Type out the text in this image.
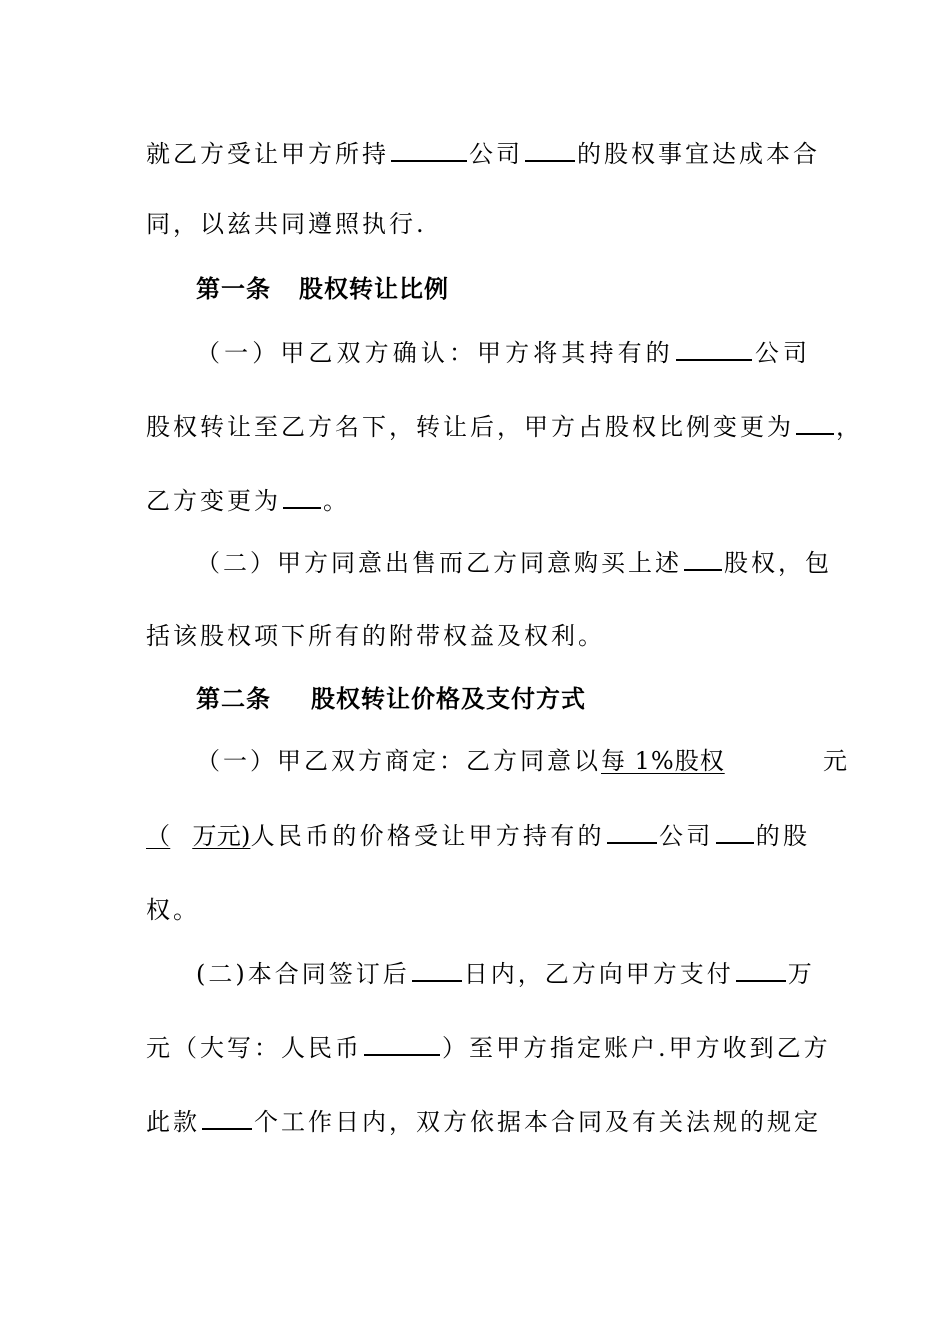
就乙方受让甲方所持	公司 的股权事宜达成本合
同，以兹共同遵照执行.
第一条 股权转让比例
（一）甲乙双方确认：甲方将其持有的	公司
股权转让至乙方名下，转让后，甲方占股权比例变更为 ，
乙方变更为 。
（二）甲方同意出售而乙方同意购买上述 股权，包
括该股权项下所有的附带权益及权利。
第二条 股权转让价格及支付方式
（一）甲乙双方商定：乙方同意以每 1%股权	元
（ 万元)人民币的价格受让甲方持有的 公司 的股
权。
(二)本合同签订后 日内，乙方向甲方支付 万
元（大写：人民币	）至甲方指定账户.甲方收到乙方
此款 个工作日内，双方依据本合同及有关法规的规定
